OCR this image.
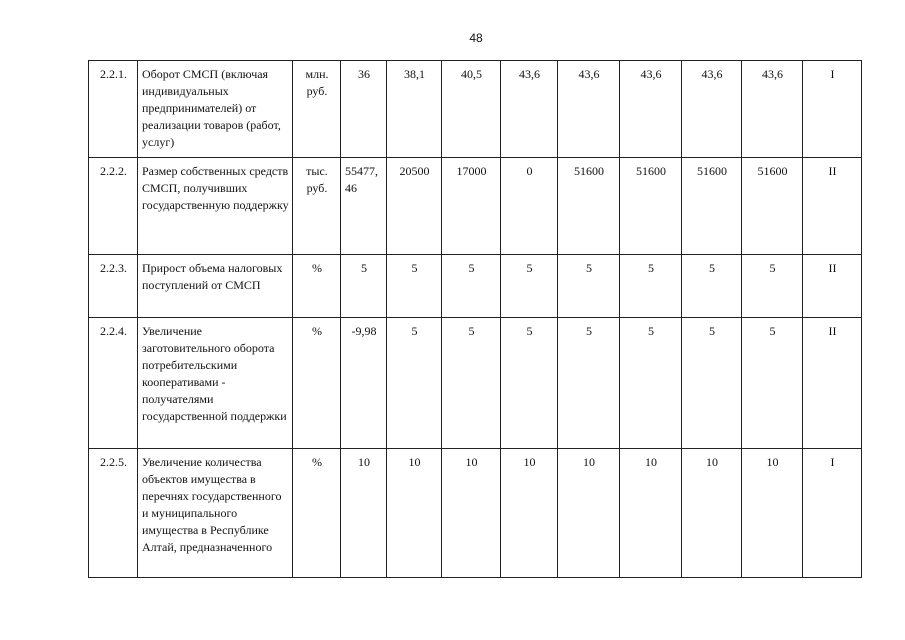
48
2.2.1.	Оборот СМСП (включая индивидуальных предпринимателей) от реализации товаров (работ, услуг)	млн. руб.	36	38,1	40,5	43,6	43,6	43,6	43,6	43,6	I
2.2.2.	Размер собственных средств СМСП, получивших государственную поддержку	тыс. руб.	55477,46	20500	17000	0	51600	51600	51600	51600	II
2.2.3.	Прирост объема налоговых поступлений от СМСП	%	5	5	5	5	5	5	5	5	II
2.2.4.	Увеличение заготовительного оборота потребительскими кооперативами - получателями государственной поддержки	%	-9,98	5	5	5	5	5	5	5	II
2.2.5.	Увеличение количества объектов имущества в перечнях государственного и муниципального имущества в Республике Алтай, предназначенного	%	10	10	10	10	10	10	10	10	I
